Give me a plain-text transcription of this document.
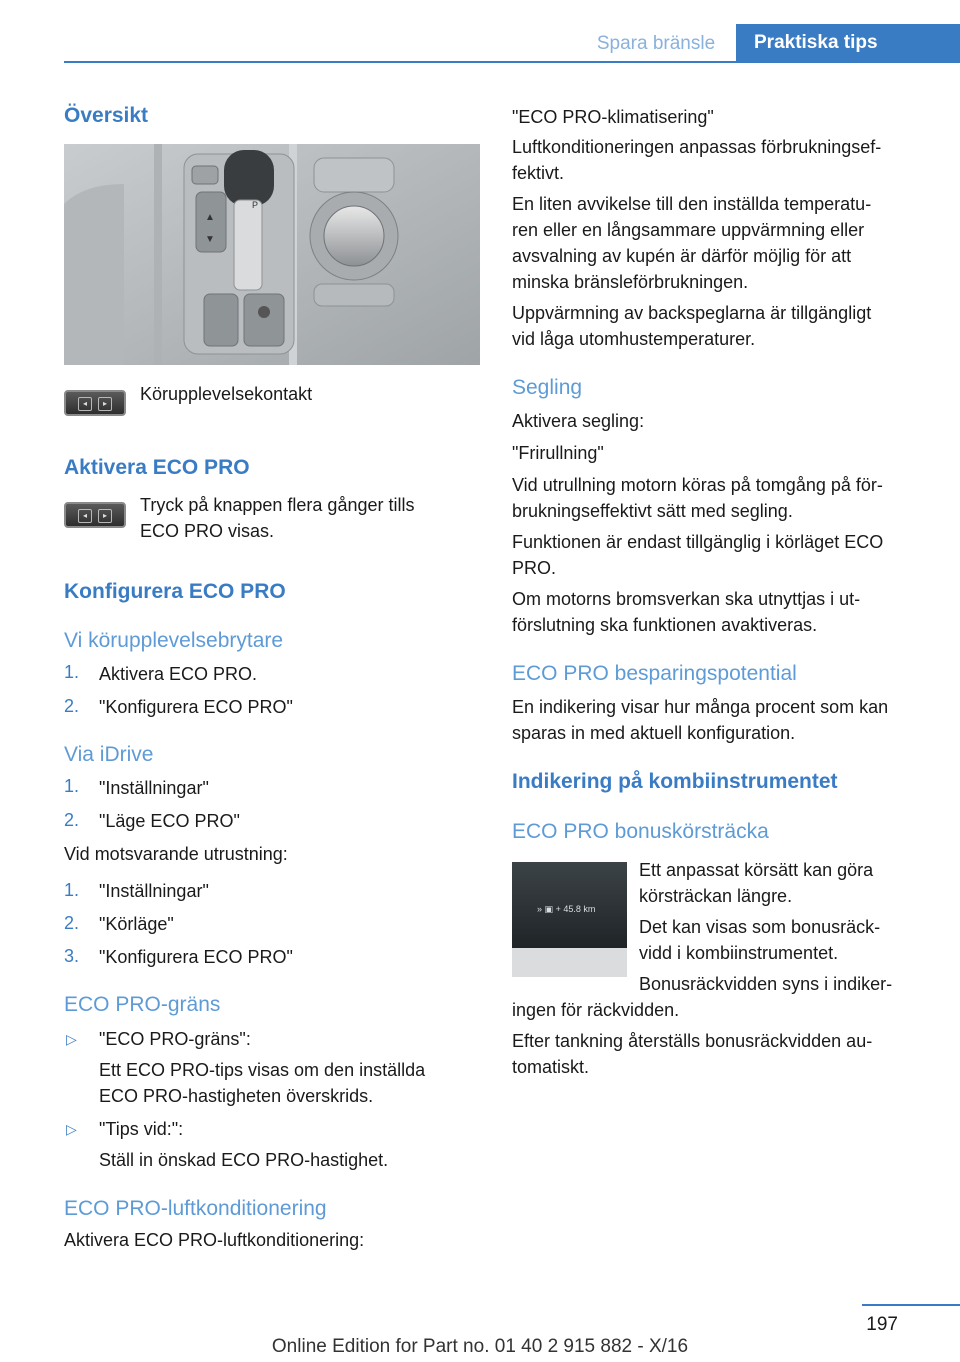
Spara bränsle	Praktiska tips
Översikt
▲
▼
P
◂	▸ Körupplevelsekontakt
Aktivera ECO PRO
◂	▸
Tryck på knappen flera gånger tills
ECO PRO visas.
Konfigurera ECO PRO
Vi körupplevelsebrytare
1. Aktivera ECO PRO.
2. "Konfigurera ECO PRO"
Via iDrive
1. "Inställningar"
2. "Läge ECO PRO"
Vid motsvarande utrustning:
1. "Inställningar"
2. "Körläge"
3. "Konfigurera ECO PRO"
ECO PRO-gräns
▷ "ECO PRO-gräns":
Ett ECO PRO-tips visas om den inställda
ECO PRO-hastigheten överskrids.
▷ "Tips vid:":
Ställ in önskad ECO PRO-hastighet.
ECO PRO-luftkonditionering
Aktivera ECO PRO-luftkonditionering:
"ECO PRO-klimatisering"
Luftkonditioneringen anpassas förbrukningsef-
fektivt.
En liten avvikelse till den inställda temperatu-
ren eller en långsammare uppvärmning eller
avsvalning av kupén är därför möjlig för att
minska bränsleförbrukningen.
Uppvärmning av backspeglarna är tillgängligt
vid låga utomhustemperaturer.
Segling
Aktivera segling:
"Frirullning"
Vid utrullning motorn köras på tomgång på för-
brukningseffektivt sätt med segling.
Funktionen är endast tillgänglig i körläget ECO
PRO.
Om motorns bromsverkan ska utnyttjas i ut-
förslutning ska funktionen avaktiveras.
ECO PRO besparingspotential
En indikering visar hur många procent som kan
sparas in med aktuell konfiguration.
Indikering på kombiinstrumentet
ECO PRO bonuskörsträcka
» ▣ + 45.8 km
Ett anpassat körsätt kan göra
körsträckan längre.
Det kan visas som bonusräck-
vidd i kombiinstrumentet.
Bonusräckvidden syns i indiker-
ingen för räckvidden.
Efter tankning återställs bonusräckvidden au-
tomatiskt.
197
Online Edition for Part no. 01 40 2 915 882 - X/16
